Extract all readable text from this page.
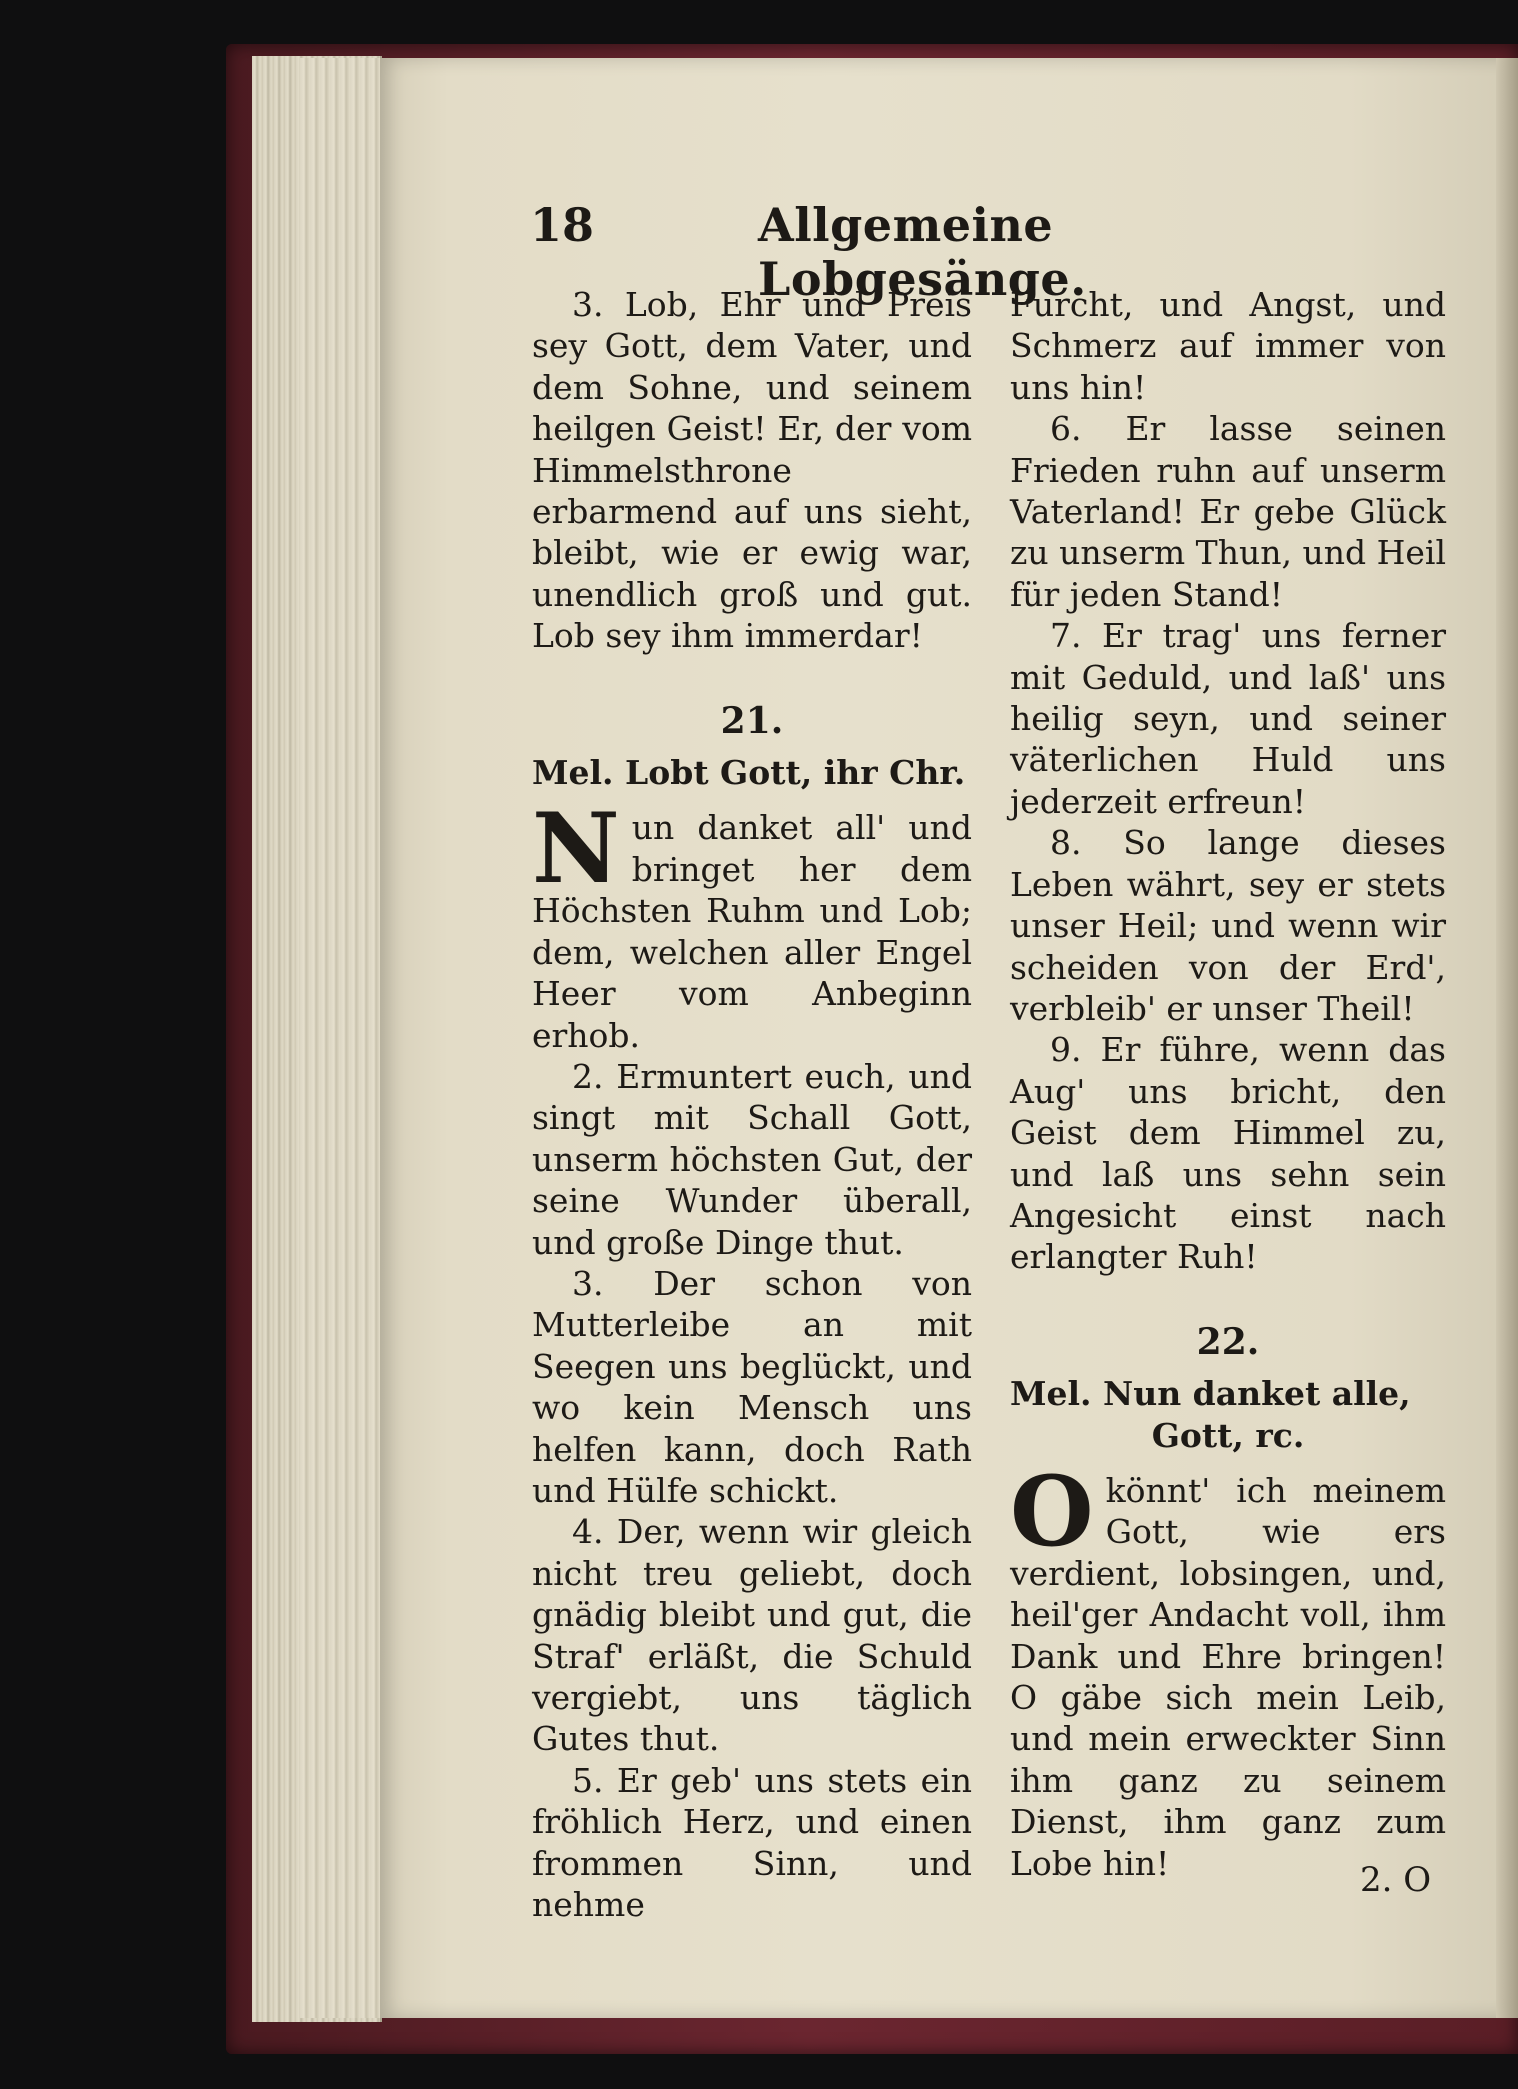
18	Allgemeine Lobgesänge.

3. Lob, Ehr und Preis sey Gott, dem Vater, und dem Sohne, und seinem heilgen Geist! Er, der vom Himmelsthrone erbarmend auf uns sieht, bleibt, wie er ewig war, unendlich groß und gut. Lob sey ihm immerdar!

21.

Mel. Lobt Gott, ihr Chr.

Nun danket all' und bringet her dem Höchsten Ruhm und Lob; dem, welchen aller Engel Heer vom Anbeginn erhob.

2. Ermuntert euch, und singt mit Schall Gott, unserm höchsten Gut, der seine Wunder überall, und große Dinge thut.

3. Der schon von Mutterleibe an mit Seegen uns beglückt, und wo kein Mensch uns helfen kann, doch Rath und Hülfe schickt.

4. Der, wenn wir gleich nicht treu geliebt, doch gnädig bleibt und gut, die Straf' erläßt, die Schuld vergiebt, uns täglich Gutes thut.

5. Er geb' uns stets ein fröhlich Herz, und einen frommen Sinn, und nehme

Furcht, und Angst, und Schmerz auf immer von uns hin!

6. Er lasse seinen Frieden ruhn auf unserm Vaterland! Er gebe Glück zu unserm Thun, und Heil für jeden Stand!

7. Er trag' uns ferner mit Geduld, und laß' uns heilig seyn, und seiner väterlichen Huld uns jederzeit erfreun!

8. So lange dieses Leben währt, sey er stets unser Heil; und wenn wir scheiden von der Erd', verbleib' er unser Theil!

9. Er führe, wenn das Aug' uns bricht, den Geist dem Himmel zu, und laß uns sehn sein Angesicht einst nach erlangter Ruh!

22.

Mel. Nun danket alle,
Gott, rc.

Okönnt' ich meinem Gott, wie ers verdient, lobsingen, und, heil'ger Andacht voll, ihm Dank und Ehre bringen! O gäbe sich mein Leib, und mein erweckter Sinn ihm ganz zu seinem Dienst, ihm ganz zum Lobe hin!	2. O
